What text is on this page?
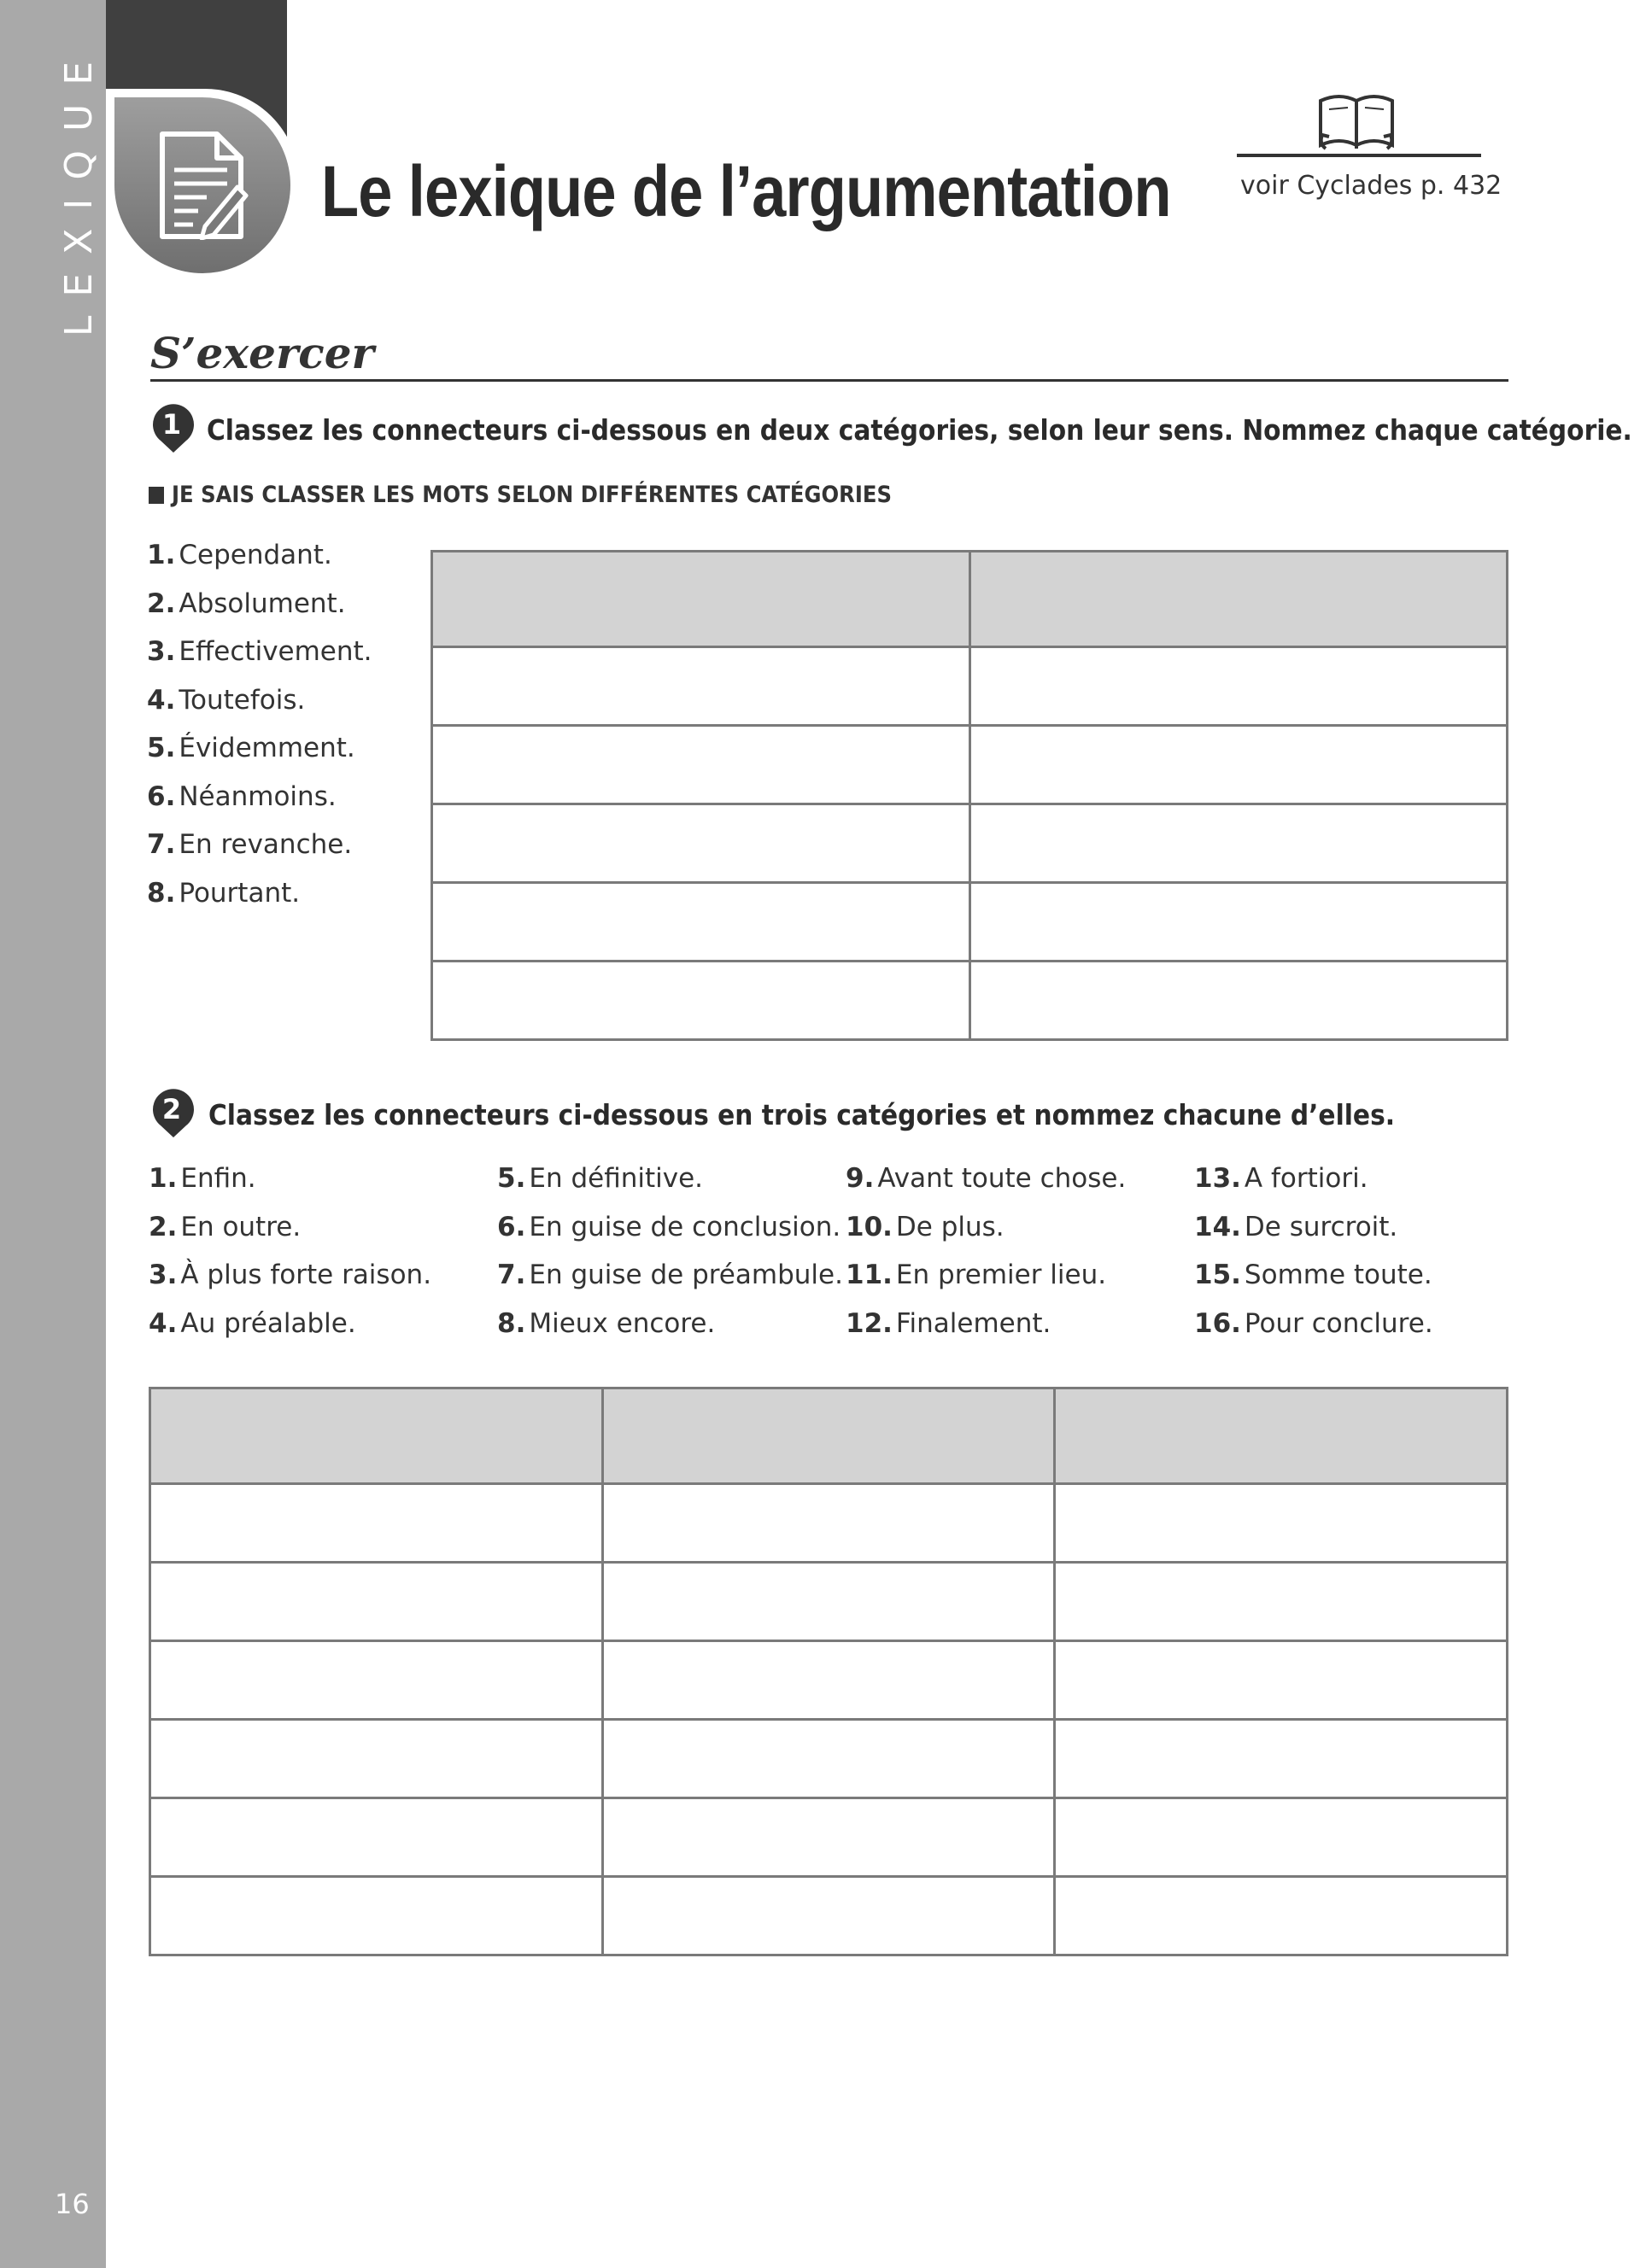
LEXIQUE
16
Le lexique de l’argumentation	voir Cyclades p. 432
S’exercer
1 Classez les connecteurs ci-dessous en deux catégories, selon leur sens. Nommez chaque catégorie.
JE SAIS CLASSER LES MOTS SELON DIFFÉRENTES CATÉGORIES
1. Cependant.
2. Absolument.
3. Effectivement.
4. Toutefois.
5. Évidemment.
6. Néanmoins.
7. En revanche.
8. Pourtant.

2 Classez les connecteurs ci-dessous en trois catégories et nommez chacune d’elles.
1. Enfin.
2. En outre.
3. À plus forte raison.
4. Au préalable.
5. En définitive.
6. En guise de conclusion.
7. En guise de préambule.
8. Mieux encore.
9. Avant toute chose.
10. De plus.
11. En premier lieu.
12. Finalement.
13. A fortiori.
14. De surcroit.
15. Somme toute.
16. Pour conclure.
